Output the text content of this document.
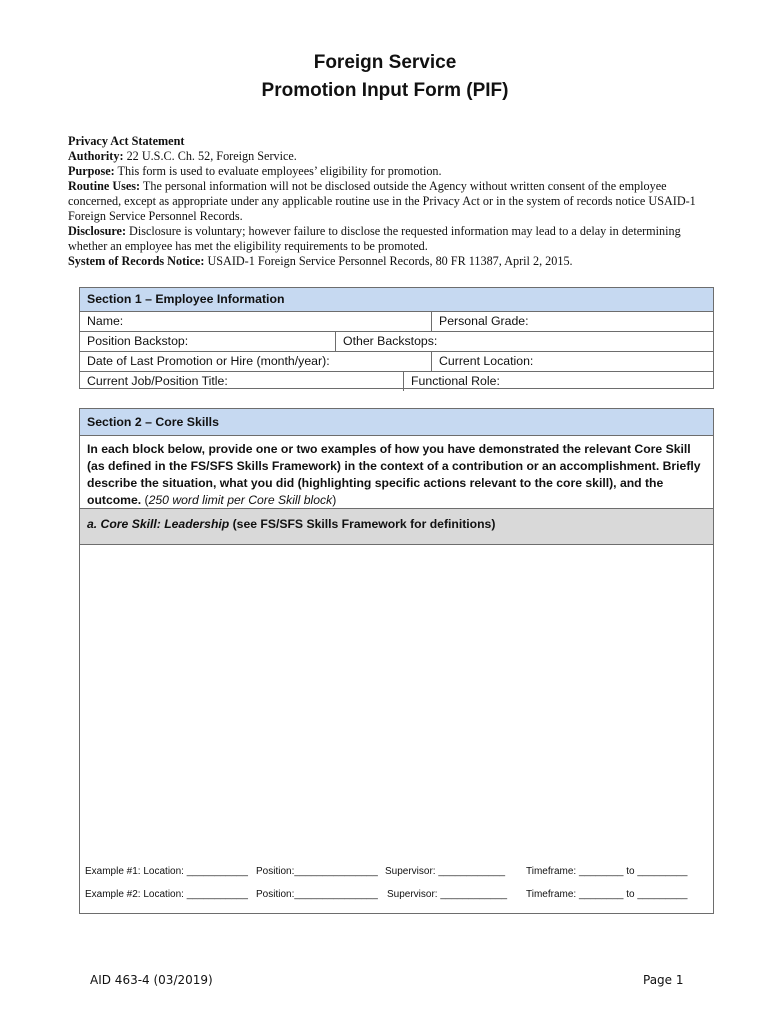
Foreign Service
Promotion Input Form (PIF)

Privacy Act Statement

Authority: 22 U.S.C. Ch. 52, Foreign Service.

Purpose: This form is used to evaluate employees’ eligibility for promotion.

Routine Uses: The personal information will not be disclosed outside the Agency without written consent of the employee concerned, except as appropriate under any applicable routine use in the Privacy Act or in the system of records notice USAID-1 Foreign Service Personnel Records.

Disclosure: Disclosure is voluntary; however failure to disclose the requested information may lead to a delay in determining whether an employee has met the eligibility requirements to be promoted.

System of Records Notice: USAID-1 Foreign Service Personnel Records, 80 FR 11387, April 2, 2015.

Section 1 – Employee Information
Name:	Personal Grade:
Position Backstop:	Other Backstops:
Date of Last Promotion or Hire (month/year):	Current Location:
Current Job/Position Title:	Functional Role:
Section 2 – Core Skills
In each block below, provide one or two examples of how you have demonstrated the relevant Core Skill (as defined in the FS/SFS Skills Framework) in the context of a contribution or an accomplishment. Briefly describe the situation, what you did (highlighting specific actions relevant to the core skill), and the outcome. (250 word limit per Core Skill block)
a. Core Skill: Leadership (see FS/SFS Skills Framework for definitions)
Example #1: Location: ___________ Position:_______________ Supervisor: ____________ Timeframe: ________ to _________
Example #2: Location: ___________ Position:_______________ Supervisor: ____________ Timeframe: ________ to _________
AID 463-4 (03/2019)	Page 1
